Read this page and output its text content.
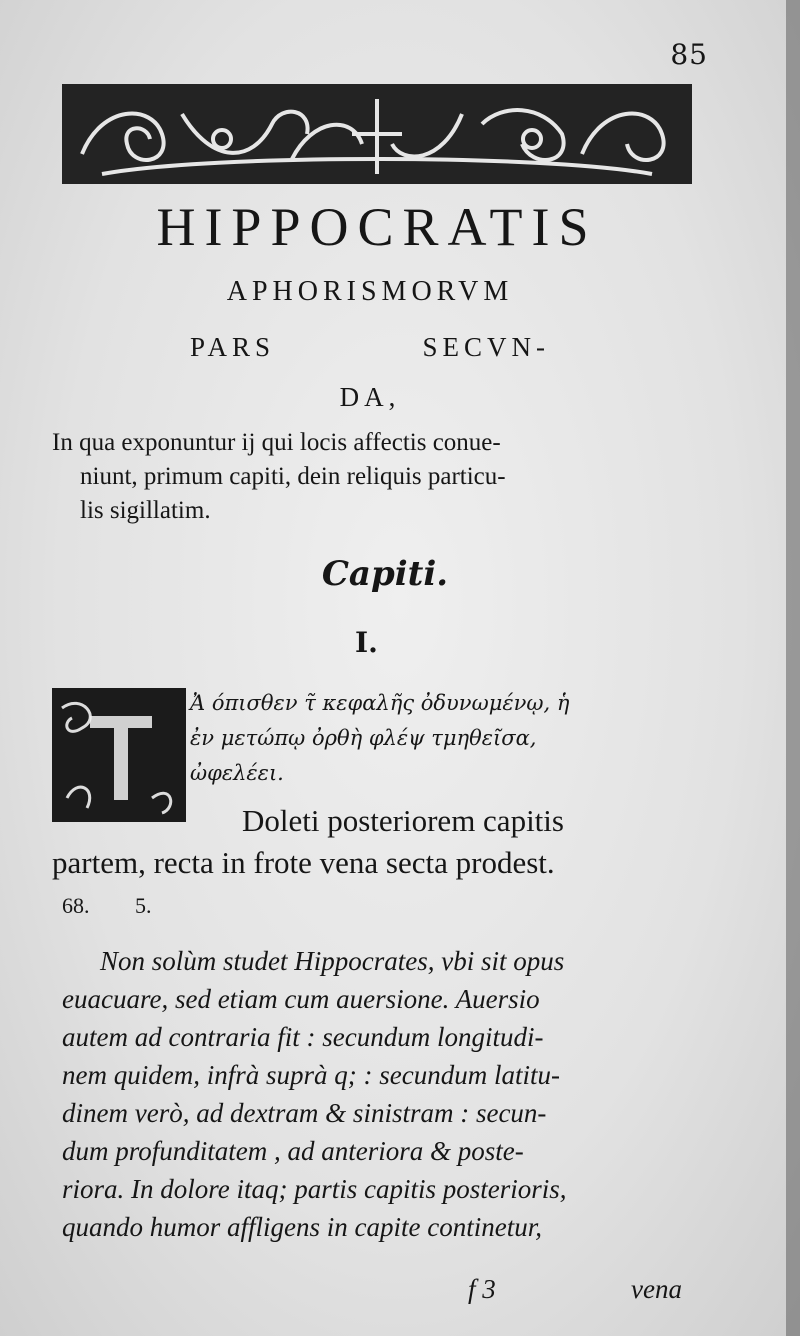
85
HIPPOCRATIS
APHORISMORVM
PARS	SECVN-
DA,

In qua exponuntur ij qui locis affectis conue-

niunt, primum capiti, dein reliquis particu-

lis sigillatim.

Capiti.
I.

Ἀ όπισθεν τ̃ κεφαλῆς ὀδυνωμένῳ, ἡ

ἐν μετώπῳ ὀρθὴ φλέψ τμηθεῖσα,

ὠφελέει.

Doleti posteriorem capitis

partem, recta in frote vena secta prodest.

68. 5.

Non solùm studet Hippocrates, vbi sit opus

euacuare, sed etiam cum auersione. Auersio

autem ad contraria fit : secundum longitudi-

nem quidem, infrà suprà q; : secundum latitu-

dinem verò, ad dextram & sinistram : secun-

dum profunditatem , ad anteriora & poste-

riora. In dolore itaq; partis capitis posterioris,

quando humor affligens in capite continetur,

f 3	vena
